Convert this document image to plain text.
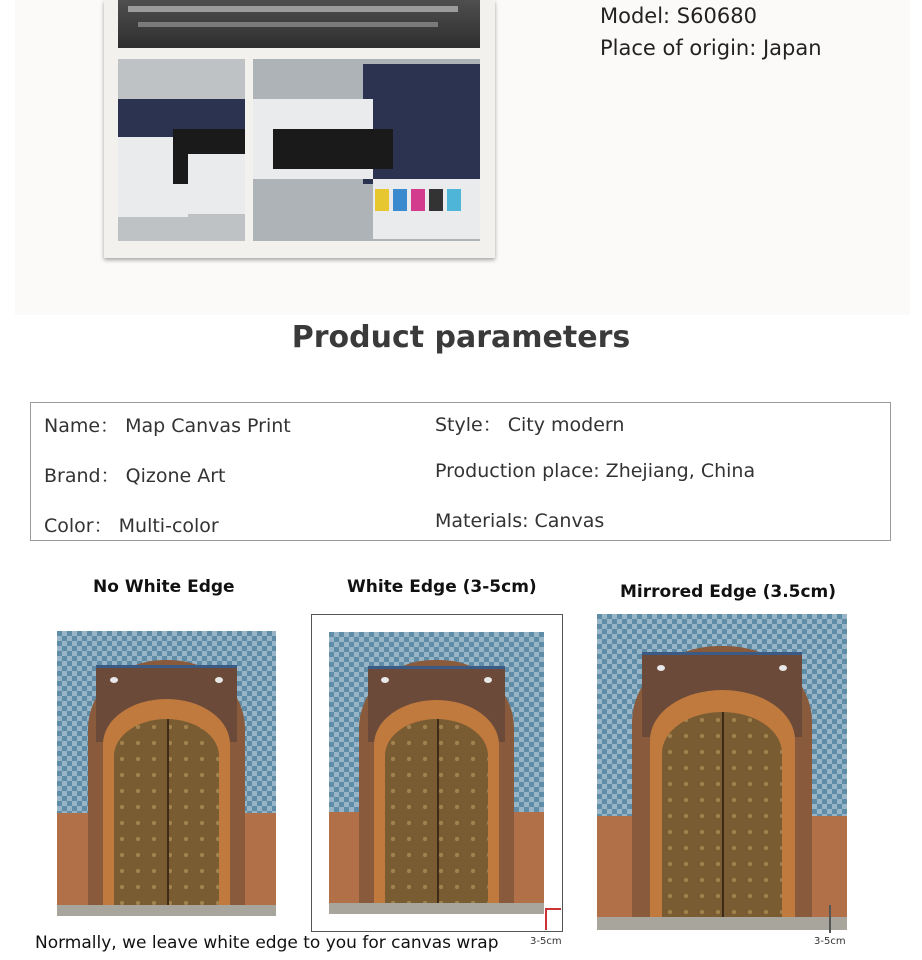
Model: S60680
Place of origin: Japan
Product parameters
Name： Map Canvas Print
Brand： Qizone Art
Color： Multi-color
Style： City modern
Production place: Zhejiang, China
Materials: Canvas
No White Edge	White Edge (3-5cm)	Mirrored Edge (3.5cm)
3-5cm	3-5cm
Normally, we leave white edge to you for canvas wrap
